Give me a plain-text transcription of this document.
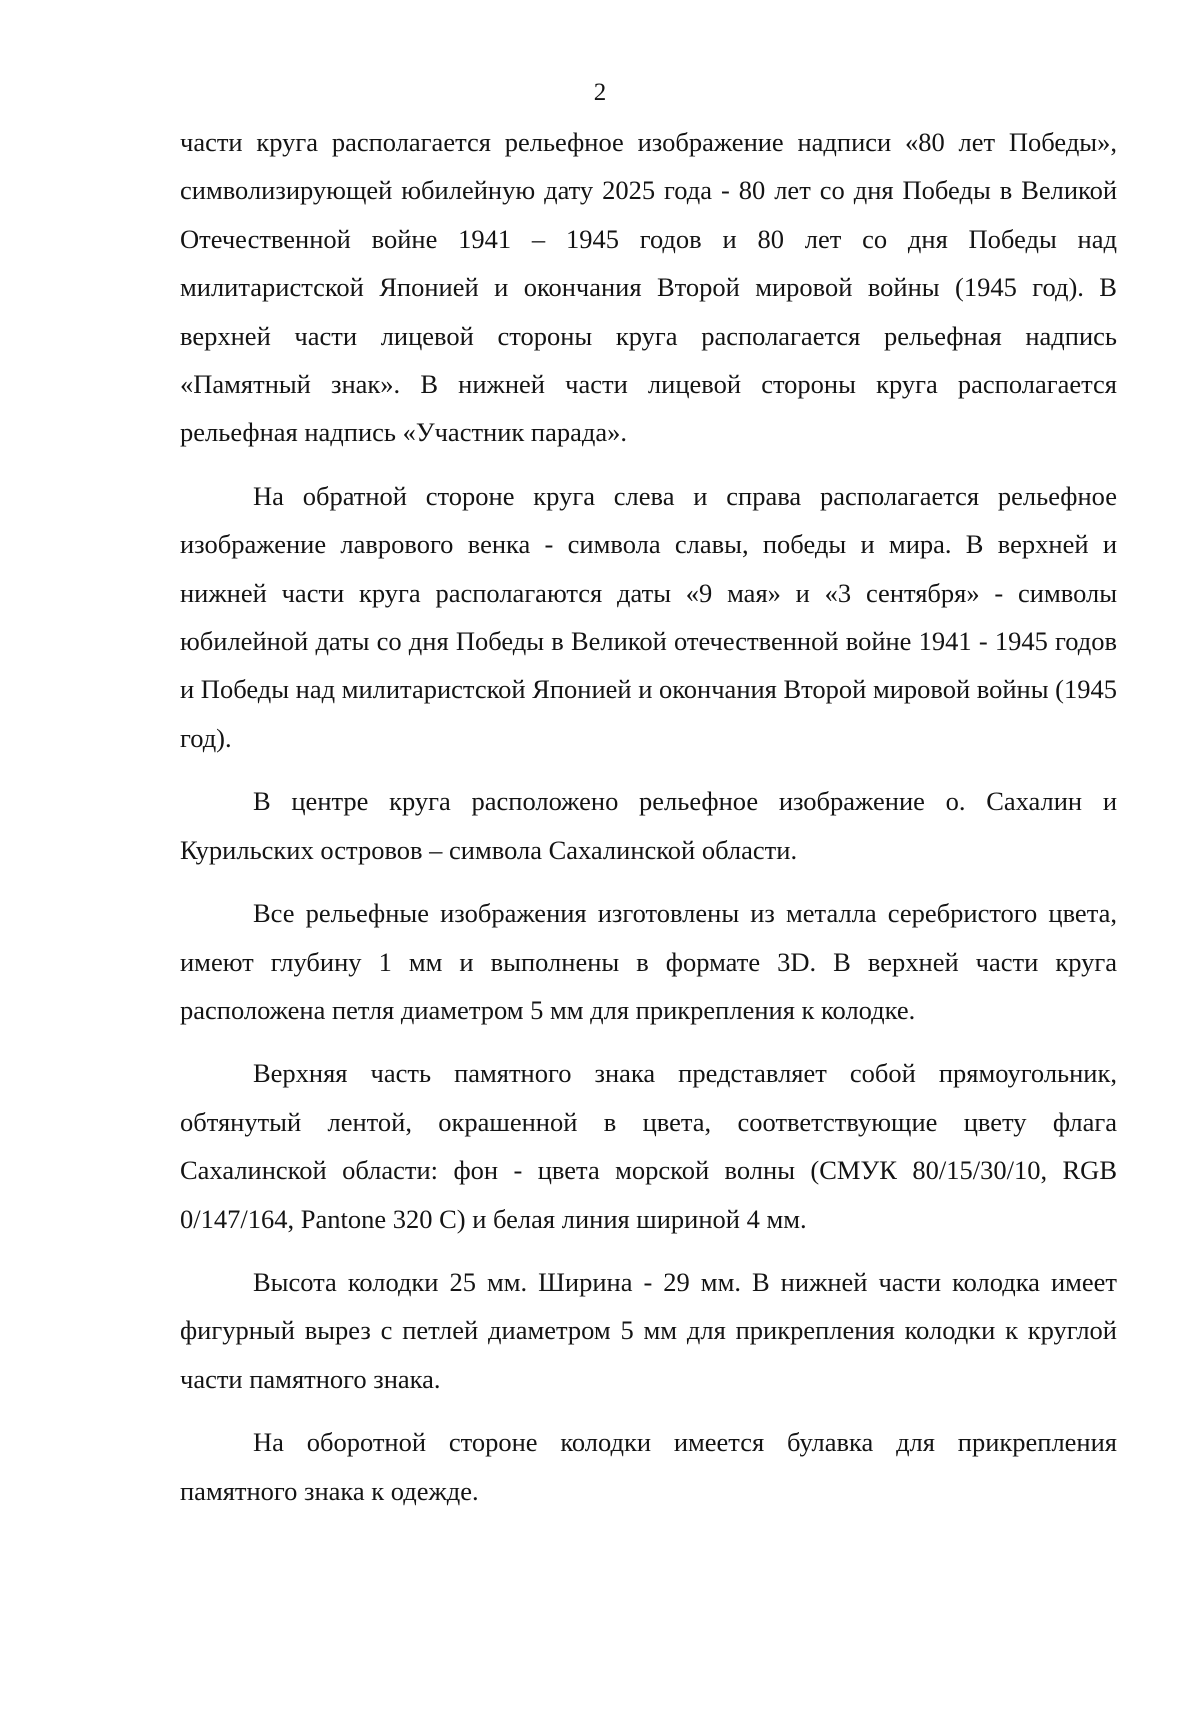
2

части круга располагается рельефное изображение надписи «80 лет Победы», символизирующей юбилейную дату 2025 года - 80 лет со дня Победы в Великой Отечественной войне 1941 – 1945 годов и 80 лет со дня Победы над милитаристской Японией и окончания Второй мировой войны (1945 год). В верхней части лицевой стороны круга располагается рельефная надпись «Памятный знак». В нижней части лицевой стороны круга располагается рельефная надпись «Участник парада».

На обратной стороне круга слева и справа располагается рельефное изображение лаврового венка - символа славы, победы и мира. В верхней и нижней части круга располагаются даты «9 мая» и «3 сентября» - символы юбилейной даты со дня Победы в Великой отечественной войне 1941 - 1945 годов и Победы над милитаристской Японией и окончания Второй мировой войны (1945 год).

В центре круга расположено рельефное изображение о. Сахалин и Курильских островов – символа Сахалинской области.

Все рельефные изображения изготовлены из металла серебристого цвета, имеют глубину 1 мм и выполнены в формате 3D. В верхней части круга расположена петля диаметром 5 мм для прикрепления к колодке.

Верхняя часть памятного знака представляет собой прямоугольник, обтянутый лентой, окрашенной в цвета, соответствующие цвету флага Сахалинской области: фон - цвета морской волны (СМУК 80/15/30/10, RGB 0/147/164, Pantone 320 С) и белая линия шириной 4 мм.

Высота колодки 25 мм. Ширина - 29 мм. В нижней части колодка имеет фигурный вырез с петлей диаметром 5 мм для прикрепления колодки к круглой части памятного знака.

На оборотной стороне колодки имеется булавка для прикрепления памятного знака к одежде.
